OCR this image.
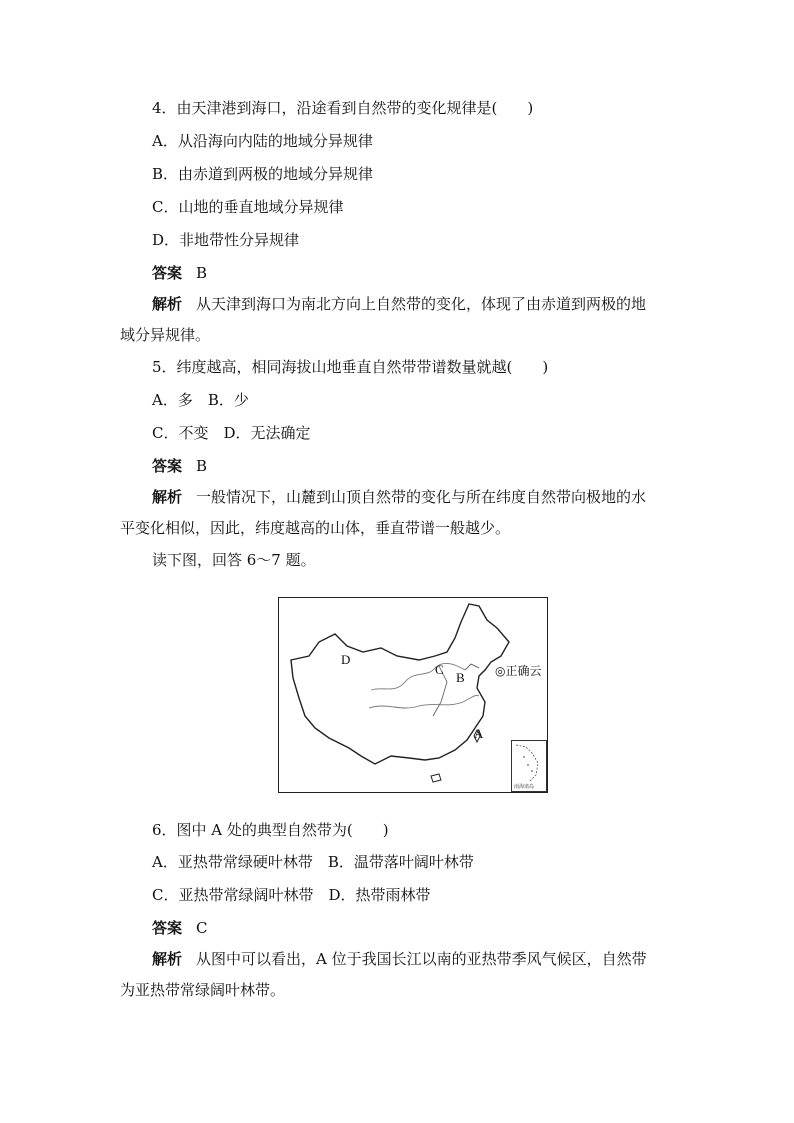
4．由天津港到海口，沿途看到自然带的变化规律是(　　)
A．从沿海向内陆的地域分异规律
B．由赤道到两极的地域分异规律
C．山地的垂直地域分异规律
D．非地带性分异规律
答案 B
解析 从天津到海口为南北方向上自然带的变化，体现了由赤道到两极的地
域分异规律。
5．纬度越高，相同海拔山地垂直自然带带谱数量就越(　　)
A．多　B．少
C．不变　D．无法确定
答案 B
解析 一般情况下，山麓到山顶自然带的变化与所在纬度自然带向极地的水
平变化相似，因此，纬度越高的山体，垂直带谱一般越少。
读下图，回答 6～7 题。
D
C
B
A
◎正确云
南海诸岛
6．图中 A 处的典型自然带为(　　)
A．亚热带常绿硬叶林带　B．温带落叶阔叶林带
C．亚热带常绿阔叶林带　D．热带雨林带
答案 C
解析 从图中可以看出，A 位于我国长江以南的亚热带季风气候区，自然带
为亚热带常绿阔叶林带。
